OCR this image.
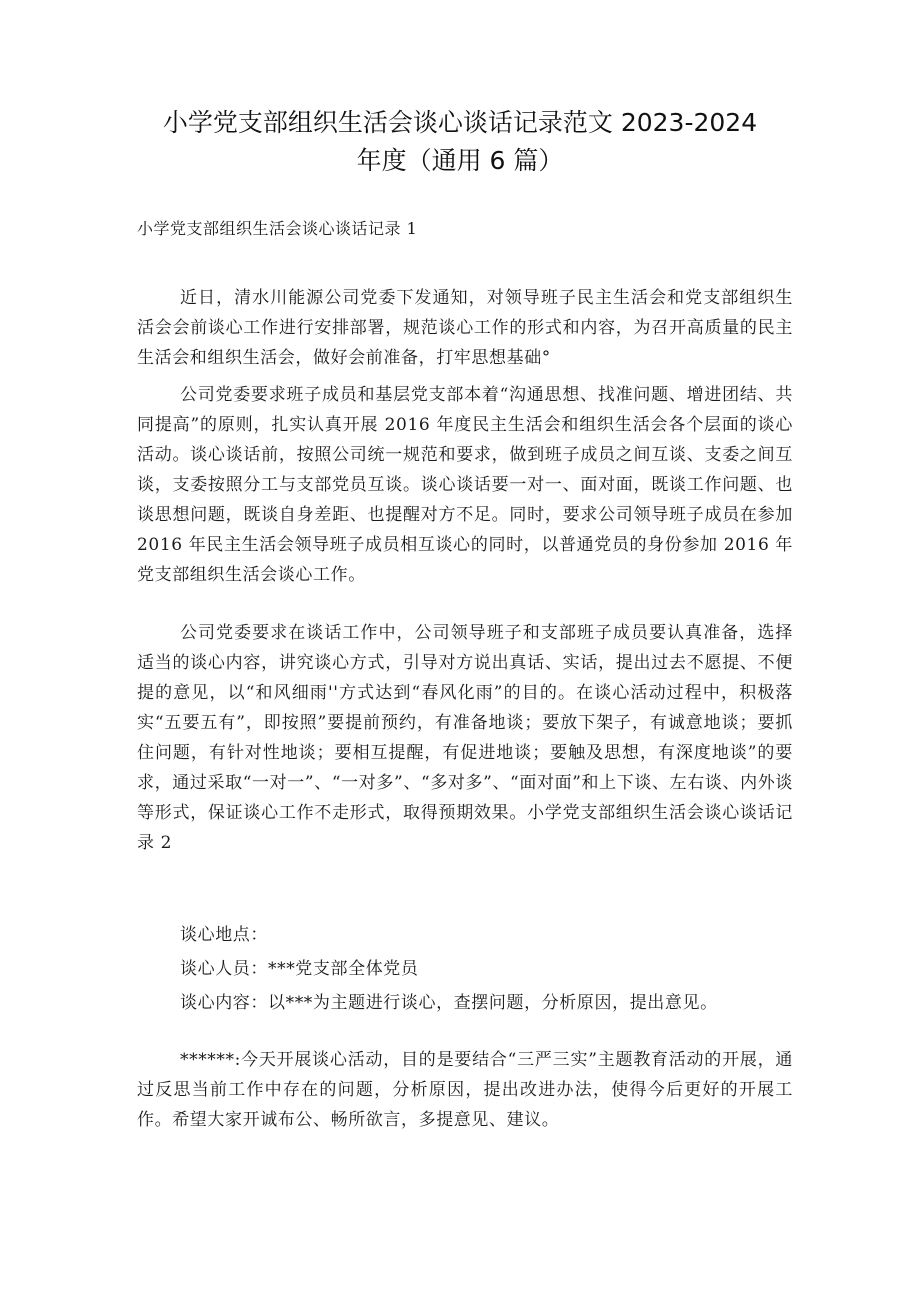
小学党支部组织生活会谈心谈话记录范文 2023-2024
年度（通用 6 篇）

小学党支部组织生活会谈心谈话记录 1

近日，清水川能源公司党委下发通知，对领导班子民主生活会和党支部组织生活会会前谈心工作进行安排部署，规范谈心工作的形式和内容，为召开高质量的民主生活会和组织生活会，做好会前准备，打牢思想基础°

公司党委要求班子成员和基层党支部本着“沟通思想、找准问题、增进团结、共同提高”的原则，扎实认真开展 2016 年度民主生活会和组织生活会各个层面的谈心活动。谈心谈话前，按照公司统一规范和要求，做到班子成员之间互谈、支委之间互谈，支委按照分工与支部党员互谈。谈心谈话要一对一、面对面，既谈工作问题、也谈思想问题，既谈自身差距、也提醒对方不足。同时，要求公司领导班子成员在参加 2016 年民主生活会领导班子成员相互谈心的同时，以普通党员的身份参加 2016 年党支部组织生活会谈心工作。

公司党委要求在谈话工作中，公司领导班子和支部班子成员要认真准备，选择适当的谈心内容，讲究谈心方式，引导对方说出真话、实话，提出过去不愿提、不便提的意见，以“和风细雨''方式达到“春风化雨”的目的。在谈心活动过程中，积极落实“五要五有”，即按照”要提前预约，有准备地谈；要放下架子，有诚意地谈；要抓住问题，有针对性地谈；要相互提醒，有促进地谈；要触及思想，有深度地谈”的要求，通过采取“一对一”、“一对多”、“多对多”、“面对面”和上下谈、左右谈、内外谈等形式，保证谈心工作不走形式，取得预期效果。小学党支部组织生活会谈心谈话记录 2

谈心地点：

谈心人员：***党支部全体党员

谈心内容：以***为主题进行谈心，查摆问题，分析原因，提出意见。

******:今天开展谈心活动，目的是要结合“三严三实”主题教育活动的开展，通过反思当前工作中存在的问题，分析原因，提出改进办法，使得今后更好的开展工作。希望大家开诚布公、畅所欲言，多提意见、建议。
